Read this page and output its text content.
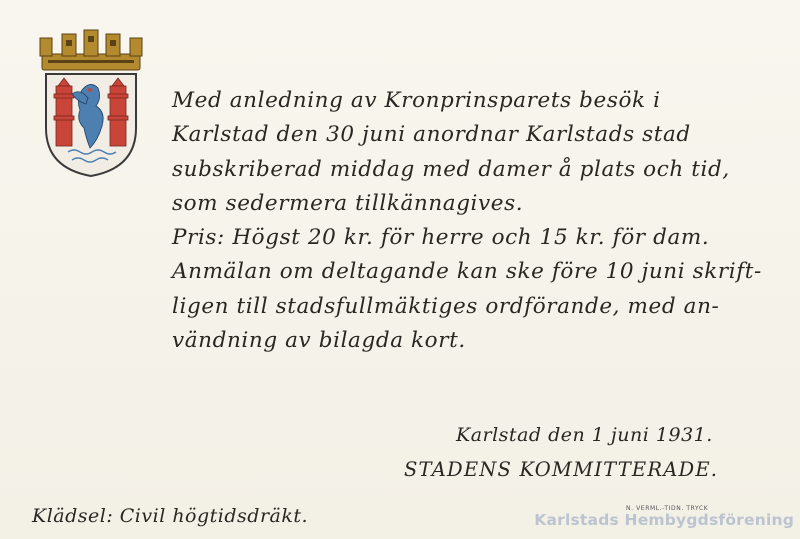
Med anledning av Kronprinsparets besök i

Karlstad den 30 juni anordnar Karlstads stad

subskriberad middag med damer å plats och tid,

som sedermera tillkännagives.

Pris: Högst 20 kr. för herre och 15 kr. för dam.

Anmälan om deltagande kan ske före 10 juni skrift-

ligen till stadsfullmäktiges ordförande, med an-

vändning av bilagda kort.

Karlstad den 1 juni 1931.
STADENS KOMMITTERADE.
Klädsel: Civil högtidsdräkt.	N. VERML.-TIDN. TRYCK
Karlstads Hembygdsförening
